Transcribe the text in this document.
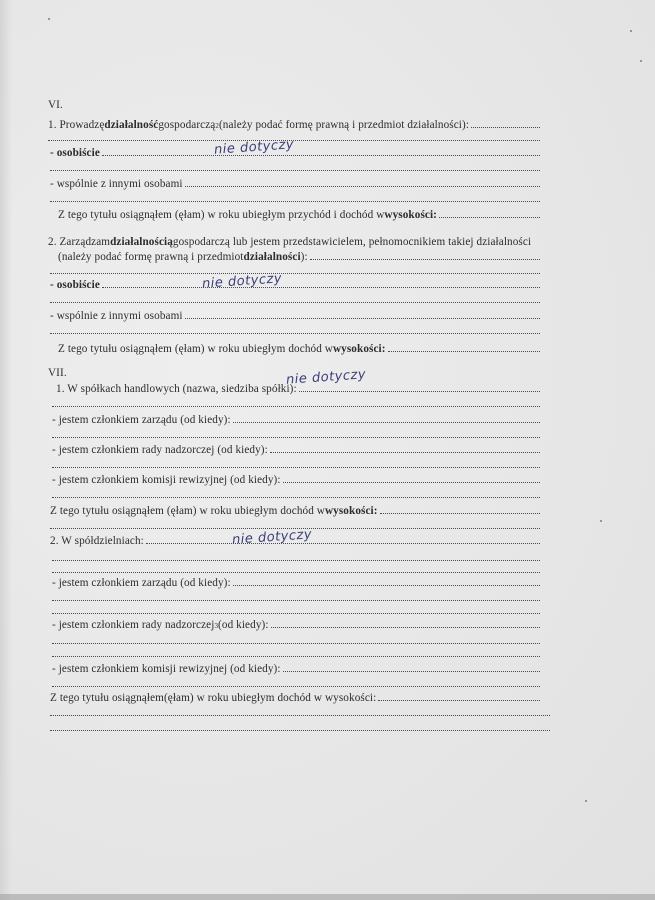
VI.
1. Prowadzę działalność gospodarczą 2 (należy podać formę prawną i przedmiot działalności):
- osobiście	nie dotyczy
- wspólnie z innymi osobami
Z tego tytułu osiągnąłem (ęłam) w roku ubiegłym przychód i dochód w wysokości:
2. Zarządzam działalnością gospodarczą lub jestem przedstawicielem, pełnomocnikiem takiej działalności
(należy podać formę prawną i przedmiot działalności ):
- osobiście	nie dotyczy
- wspólnie z innymi osobami
Z tego tytułu osiągnąłem (ęłam) w roku ubiegłym dochód w wysokości:
VII.
1. W spółkach handlowych (nazwa, siedziba spółki):
nie dotyczy
- jestem członkiem zarządu (od kiedy):
- jestem członkiem rady nadzorczej (od kiedy):
- jestem członkiem komisji rewizyjnej (od kiedy):
Z tego tytułu osiągnąłem (ęłam) w roku ubiegłym dochód w wysokości:
2. W spółdzielniach:	nie dotyczy
- jestem członkiem zarządu (od kiedy):
- jestem członkiem rady nadzorczej 3 (od kiedy):
- jestem członkiem komisji rewizyjnej (od kiedy):
Z tego tytułu osiągnąłem(ęłam) w roku ubiegłym dochód w wysokości:
